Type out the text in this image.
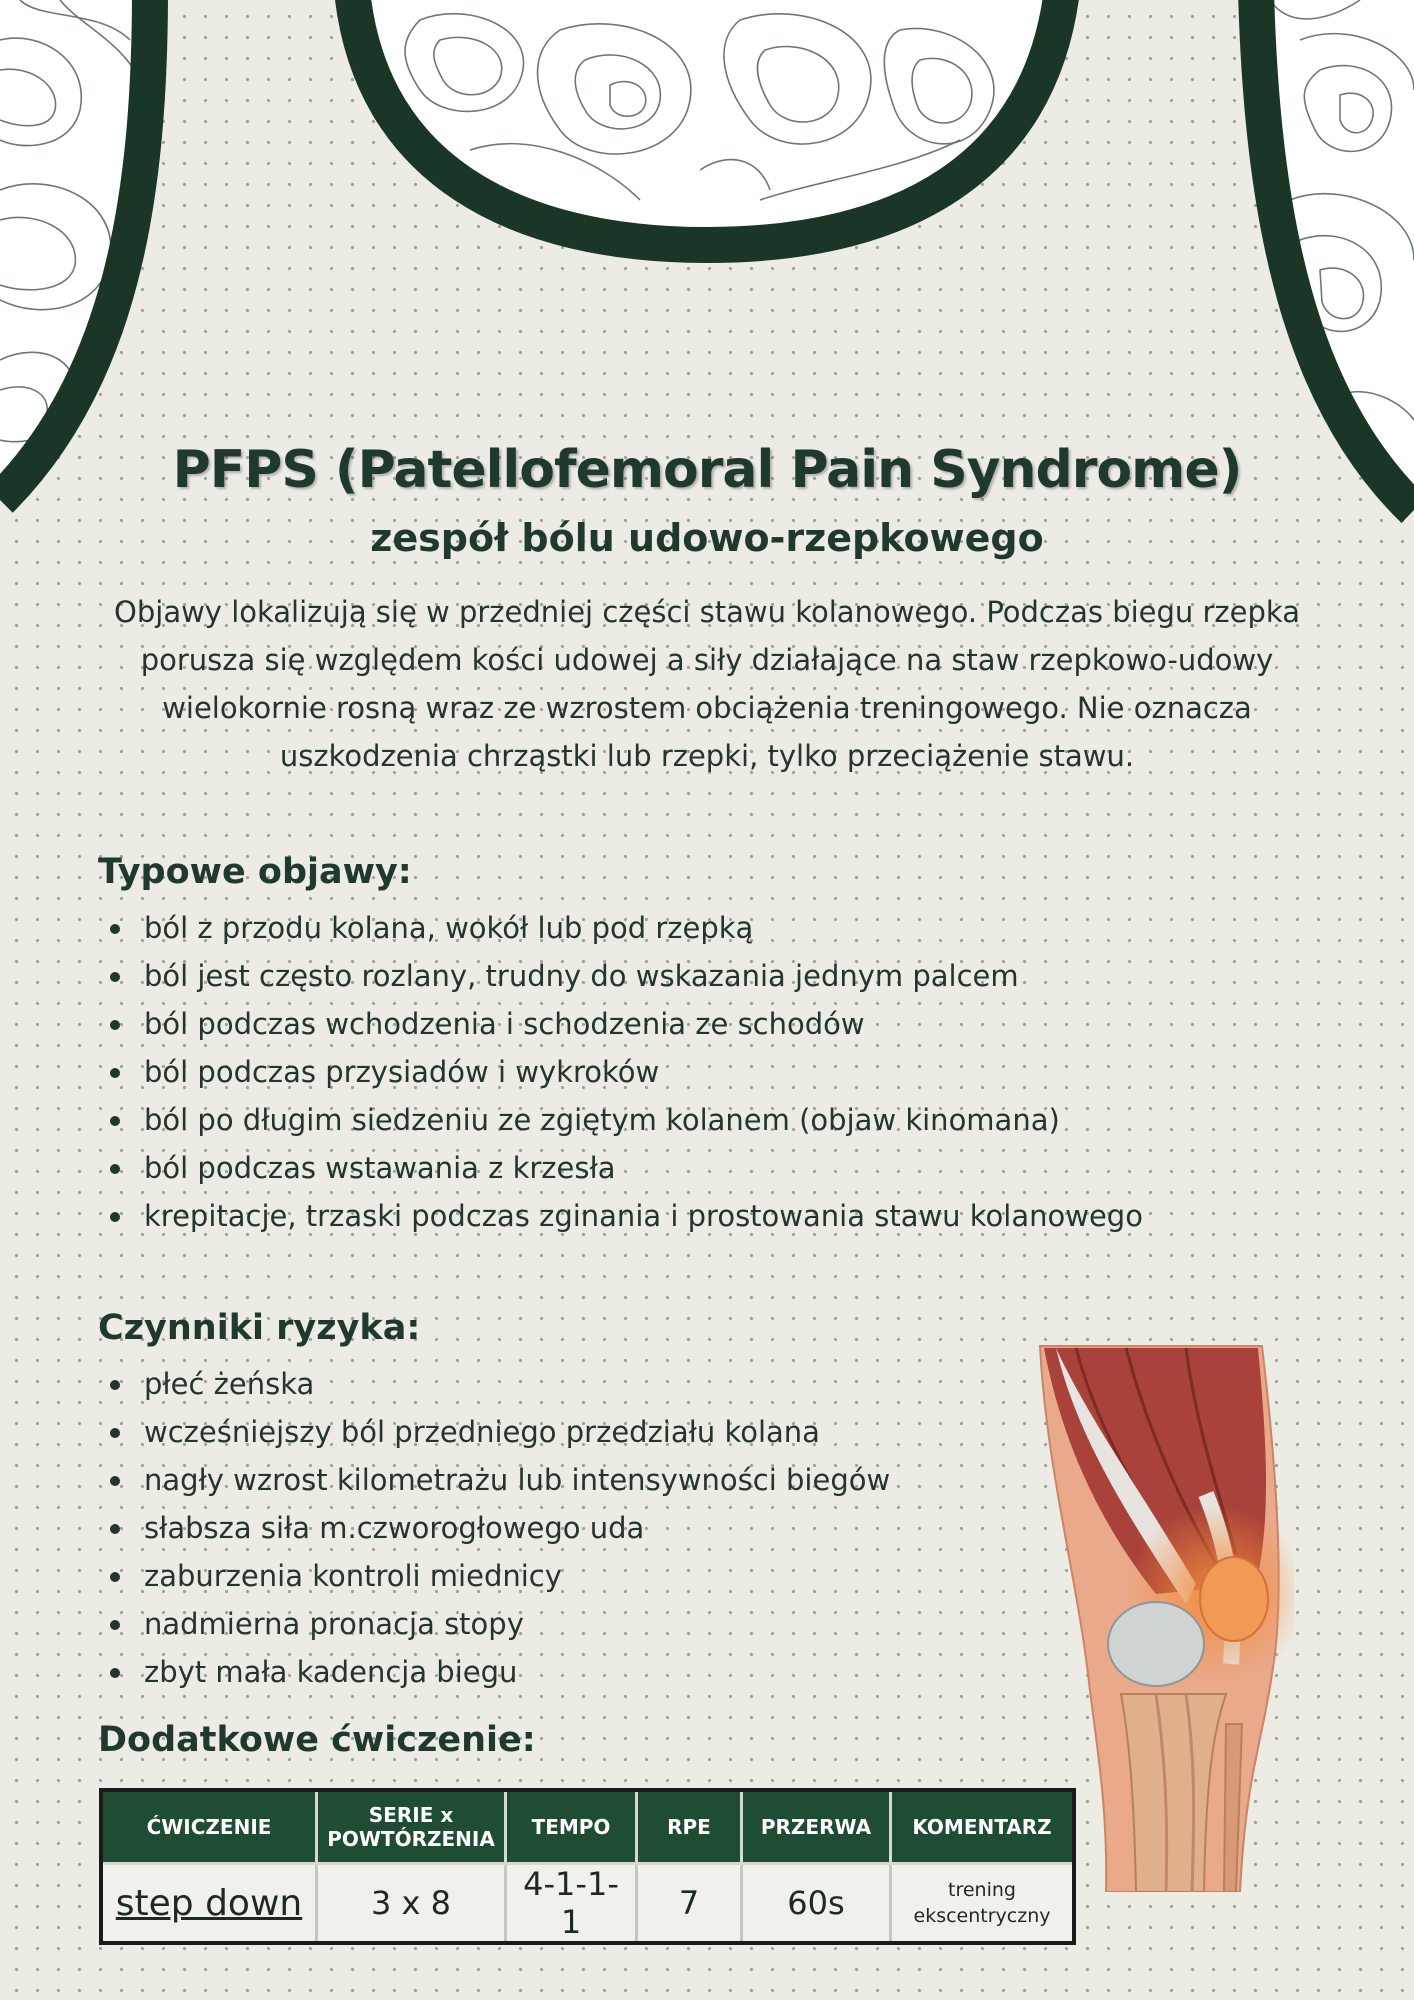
PFPS (Patellofemoral Pain Syndrome)
zespół bólu udowo-rzepkowego

Objawy lokalizują się w przedniej części stawu kolanowego. Podczas biegu rzepka porusza się względem kości udowej a siły działające na staw rzepkowo-udowy wielokornie rosną wraz ze wzrostem obciążenia treningowego. Nie oznacza uszkodzenia chrząstki lub rzepki, tylko przeciążenie stawu.

Typowe objawy:
ból z przodu kolana, wokół lub pod rzepką
ból jest często rozlany, trudny do wskazania jednym palcem
ból podczas wchodzenia i schodzenia ze schodów
ból podczas przysiadów i wykroków
ból po długim siedzeniu ze zgiętym kolanem (objaw kinomana)
ból podczas wstawania z krzesła
krepitacje, trzaski podczas zginania i prostowania stawu kolanowego
Czynniki ryzyka:
płeć żeńska
wcześniejszy ból przedniego przedziału kolana
nagły wzrost kilometrażu lub intensywności biegów
słabsza siła m.czworogłowego uda
zaburzenia kontroli miednicy
nadmierna pronacja stopy
zbyt mała kadencja biegu
Dodatkowe ćwiczenie:
ĆWICZENIE	SERIE x POWTÓRZENIA	TEMPO	RPE	PRZERWA	KOMENTARZ
step down	3 x 8	4-1-1-1	7	60s	trening ekscentryczny
